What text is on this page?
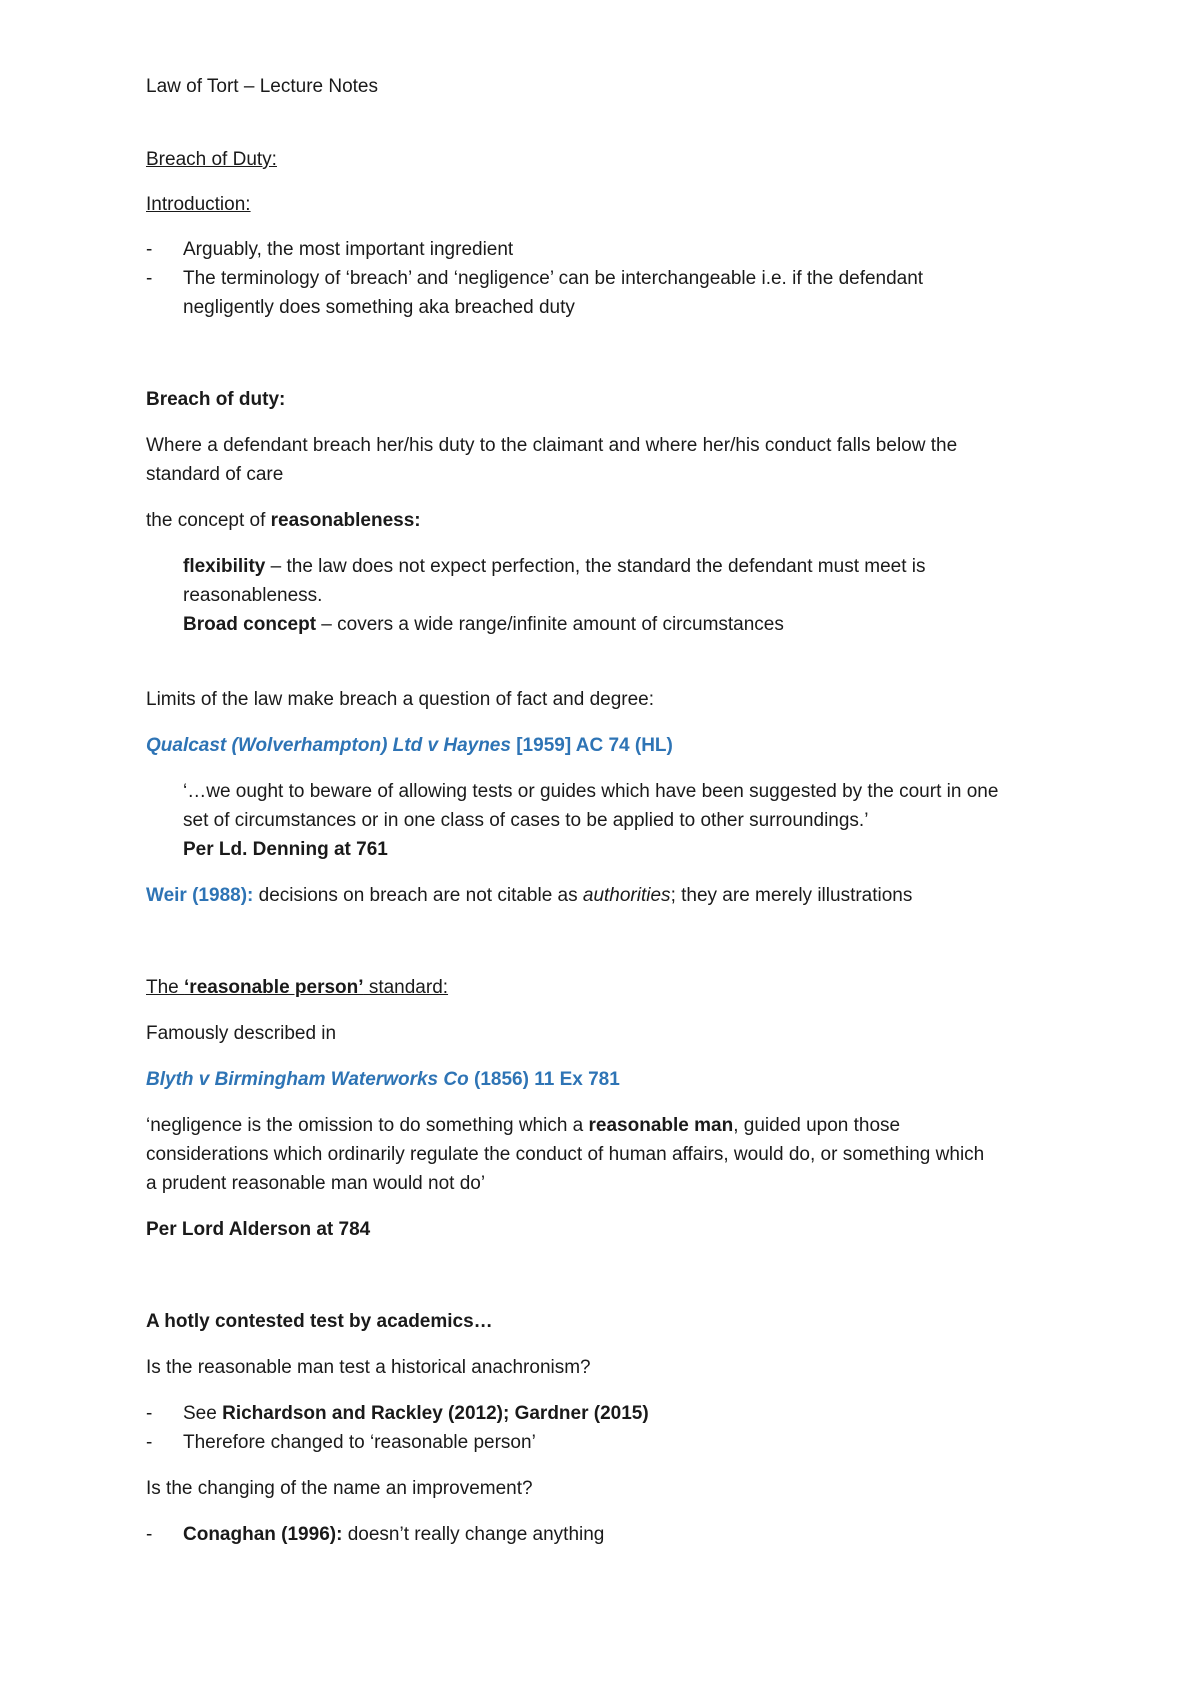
Law of Tort – Lecture Notes
Breach of Duty:
Introduction:
- Arguably, the most important ingredient
- The terminology of ‘breach’ and ‘negligence’ can be interchangeable i.e. if the defendant
negligently does something aka breached duty
Breach of duty:
Where a defendant breach her/his duty to the claimant and where her/his conduct falls below the
standard of care
the concept of reasonableness:
flexibility – the law does not expect perfection, the standard the defendant must meet is
reasonableness.
Broad concept – covers a wide range/infinite amount of circumstances
Limits of the law make breach a question of fact and degree:
Qualcast (Wolverhampton) Ltd v Haynes [1959] AC 74 (HL)
‘…we ought to beware of allowing tests or guides which have been suggested by the court in one
set of circumstances or in one class of cases to be applied to other surroundings.’
Per Ld. Denning at 761
Weir (1988): decisions on breach are not citable as authorities; they are merely illustrations
The ‘reasonable person’ standard:
Famously described in
Blyth v Birmingham Waterworks Co (1856) 11 Ex 781
‘negligence is the omission to do something which a reasonable man, guided upon those
considerations which ordinarily regulate the conduct of human affairs, would do, or something which
a prudent reasonable man would not do’
Per Lord Alderson at 784
A hotly contested test by academics…
Is the reasonable man test a historical anachronism?
- See Richardson and Rackley (2012); Gardner (2015)
- Therefore changed to ‘reasonable person’
Is the changing of the name an improvement?
- Conaghan (1996): doesn’t really change anything
